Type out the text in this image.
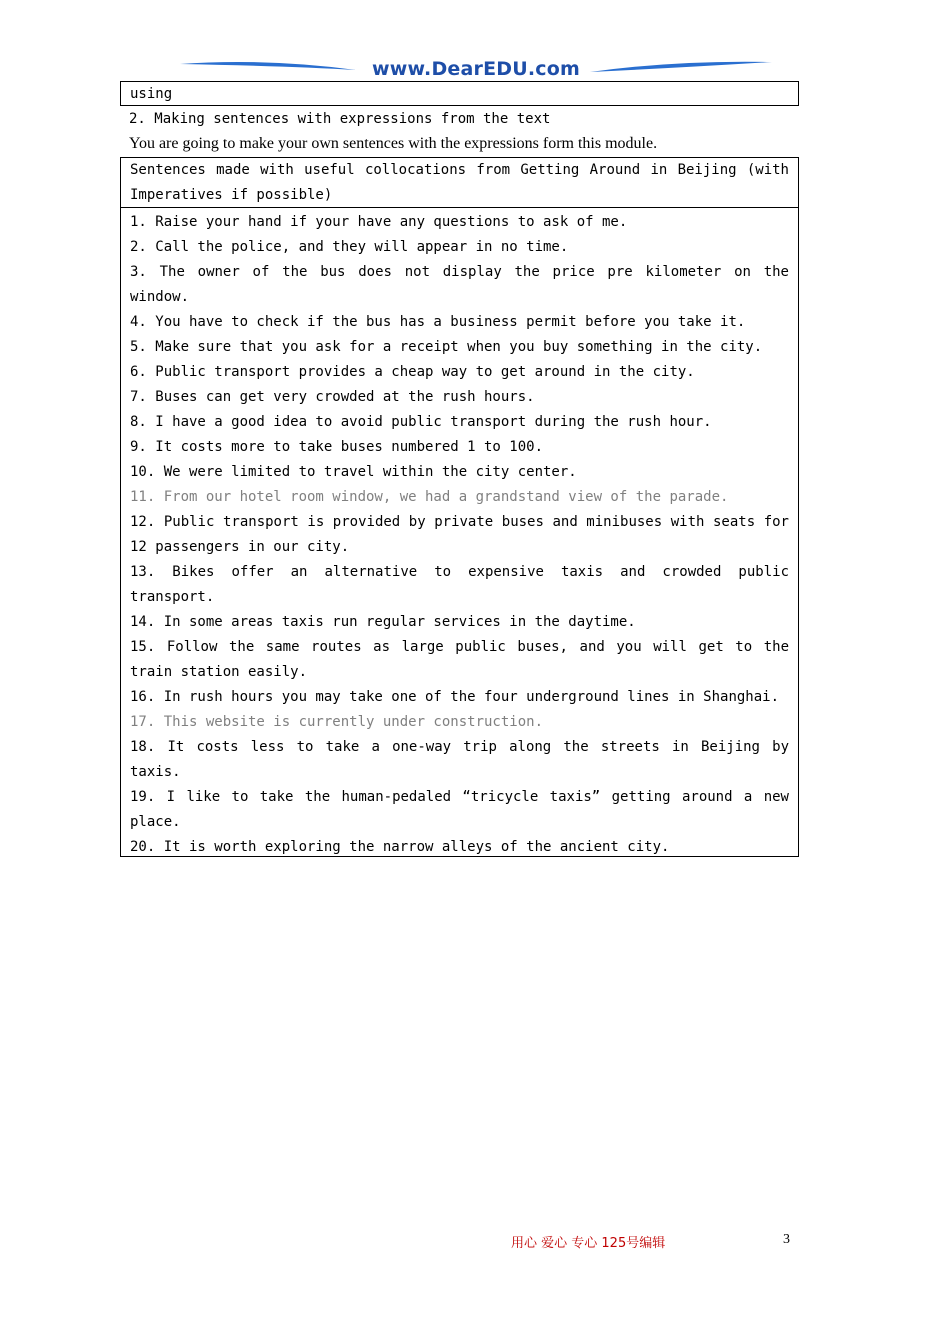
www.DearEDU.com
using
2. Making sentences with expressions from the text
You are going to make your own sentences with the expressions form this module.
Sentences made with useful collocations from Getting Around in Beijing (with
Imperatives if possible)
1. Raise your hand if your have any questions to ask of me.
2. Call the police, and they will appear in no time.
3. The owner of the bus does not display the price pre kilometer on the
window.
4. You have to check if the bus has a business permit before you take it.
5. Make sure that you ask for a receipt when you buy something in the city.
6. Public transport provides a cheap way to get around in the city.
7. Buses can get very crowded at the rush hours.
8. I have a good idea to avoid public transport during the rush hour.
9. It costs more to take buses numbered 1 to 100.
10. We were limited to travel within the city center.
11. From our hotel room window, we had a grandstand view of the parade.
12. Public transport is provided by private buses and minibuses with seats for
12 passengers in our city.
13. Bikes offer an alternative to expensive taxis and crowded public
transport.
14. In some areas taxis run regular services in the daytime.
15. Follow the same routes as large public buses, and you will get to the
train station easily.
16. In rush hours you may take one of the four underground lines in Shanghai.
17. This website is currently under construction.
18. It costs less to take a one-way trip along the streets in Beijing by
taxis.
19. I like to take the human-pedaled “tricycle taxis” getting around a new
place.
20. It is worth exploring the narrow alleys of the ancient city.
用心 爱心 专心 125号编辑	3
